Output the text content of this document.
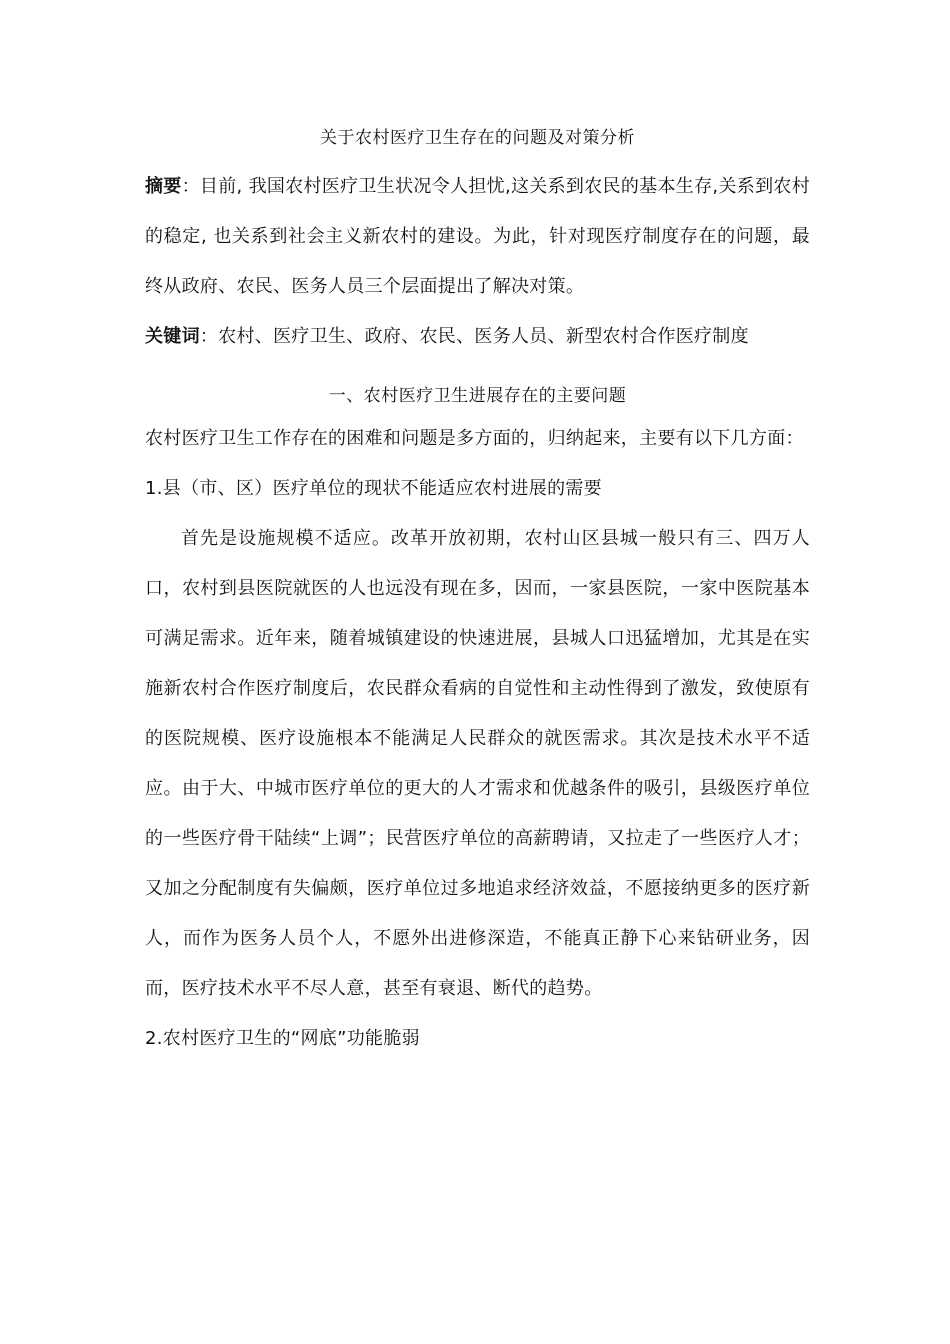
关于农村医疗卫生存在的问题及对策分析

摘要：目前, 我国农村医疗卫生状况令人担忧,这关系到农民的基本生存,关系到农村的稳定, 也关系到社会主义新农村的建设。为此，针对现医疗制度存在的问题，最终从政府、农民、医务人员三个层面提出了解决对策。

关键词：农村、医疗卫生、政府、农民、医务人员、新型农村合作医疗制度

一、农村医疗卫生进展存在的主要问题

农村医疗卫生工作存在的困难和问题是多方面的，归纳起来，主要有以下几方面：

1.县（市、区）医疗单位的现状不能适应农村进展的需要

首先是设施规模不适应。改革开放初期，农村山区县城一般只有三、四万人口，农村到县医院就医的人也远没有现在多，因而，一家县医院，一家中医院基本可满足需求。近年来，随着城镇建设的快速进展，县城人口迅猛增加，尤其是在实施新农村合作医疗制度后，农民群众看病的自觉性和主动性得到了激发，致使原有的医院规模、医疗设施根本不能满足人民群众的就医需求。其次是技术水平不适应。由于大、中城市医疗单位的更大的人才需求和优越条件的吸引，县级医疗单位的一些医疗骨干陆续“上调”；民营医疗单位的高薪聘请，又拉走了一些医疗人才；又加之分配制度有失偏颇，医疗单位过多地追求经济效益，不愿接纳更多的医疗新人，而作为医务人员个人，不愿外出进修深造，不能真正静下心来钻研业务，因而，医疗技术水平不尽人意，甚至有衰退、断代的趋势。

2.农村医疗卫生的“网底”功能脆弱
